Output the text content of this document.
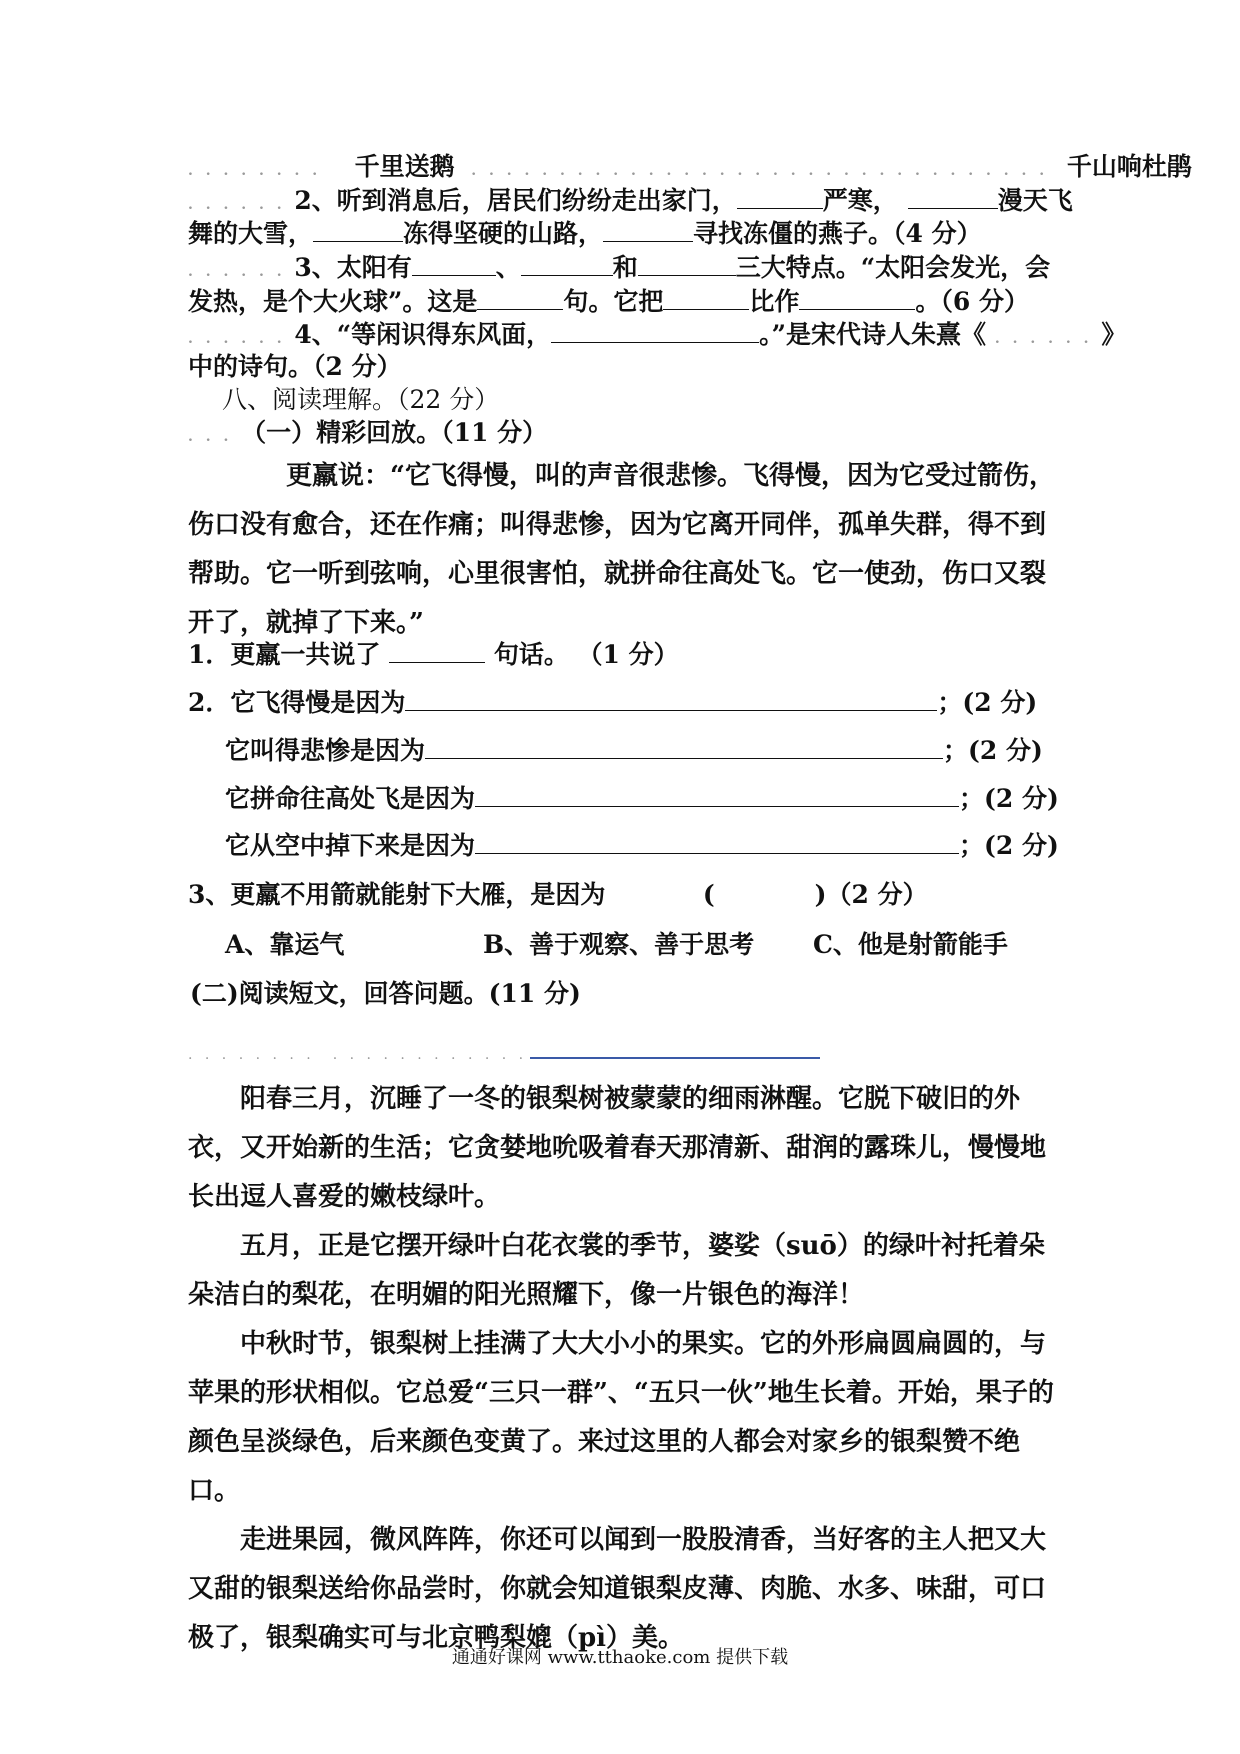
. . . . . . . . 千里送鹅 . . . . . . . . . . . . . . . . . . . . . . . . . . . . . . . . . 千山响杜鹃
. . . . . . 2、听到消息后，居民们纷纷走出家门，	严寒，	漫天飞
舞的大雪，	冻得坚硬的山路，	寻找冻僵的燕子。（4 分）
. . . . . . 3、太阳有	、	和	三大特点。“太阳会发光，会
发热，是个大火球”。这是	句。它把	比作	。（6 分）
. . . . . . 4、“等闲识得东风面，	。”是宋代诗人朱熹《 . . . . . . 》
中的诗句。（2 分）
八、阅读理解。（22 分）
. . . （一）精彩回放。（11 分）

更羸说：“它飞得慢，叫的声音很悲惨。飞得慢，因为它受过箭伤，伤口没有愈合，还在作痛；叫得悲惨，因为它离开同伴，孤单失群，得不到帮助。它一听到弦响，心里很害怕，就拼命往高处飞。它一使劲，伤口又裂开了，就掉了下来。”

1．更羸一共说了	句话。 （1 分）
2．它飞得慢是因为	；(2 分)
它叫得悲惨是因为	；(2 分)
它拼命往高处飞是因为	；(2 分)
它从空中掉下来是因为	；(2 分)
3、更羸不用箭就能射下大雁，是因为	(　　　　)（2 分）
A、靠运气	B、善于观察、善于思考 C、他是射箭能手
(二)阅读短文，回答问题。(11 分)
. . . . . . . .　. . . . . . . . . . . . . .

阳春三月，沉睡了一冬的银梨树被蒙蒙的细雨淋醒。它脱下破旧的外衣，又开始新的生活；它贪婪地吮吸着春天那清新、甜润的露珠儿，慢慢地长出逗人喜爱的嫩枝绿叶。

五月，正是它摆开绿叶白花衣裳的季节，婆娑（suō）的绿叶衬托着朵朵洁白的梨花，在明媚的阳光照耀下，像一片银色的海洋！

中秋时节，银梨树上挂满了大大小小的果实。它的外形扁圆扁圆的，与苹果的形状相似。它总爱“三只一群”、“五只一伙”地生长着。开始，果子的颜色呈淡绿色，后来颜色变黄了。来过这里的人都会对家乡的银梨赞不绝口。

走进果园，微风阵阵，你还可以闻到一股股清香，当好客的主人把又大又甜的银梨送给你品尝时，你就会知道银梨皮薄、肉脆、水多、味甜，可口极了，银梨确实可与北京鸭梨媲（pì）美。

通通好课网 www.tthaoke.com 提供下载
